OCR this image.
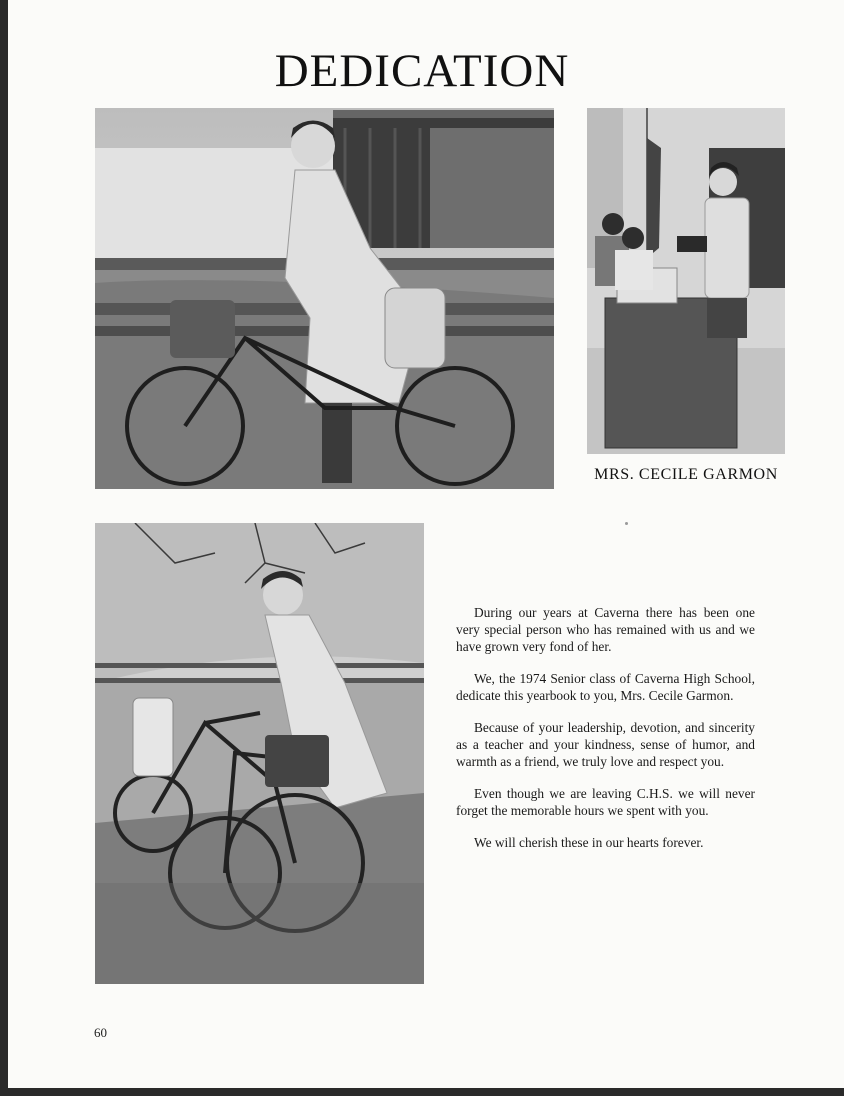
DEDICATION
MRS. CECILE GARMON

During our years at Caverna there has been one very special person who has remained with us and we have grown very fond of her.

We, the 1974 Senior class of Caverna High School, dedicate this yearbook to you, Mrs. Cecile Garmon.

Because of your leadership, devotion, and sincerity as a teacher and your kindness, sense of humor, and warmth as a friend, we truly love and respect you.

Even though we are leaving C.H.S. we will never forget the memorable hours we spent with you.

We will cherish these in our hearts forever.

60
